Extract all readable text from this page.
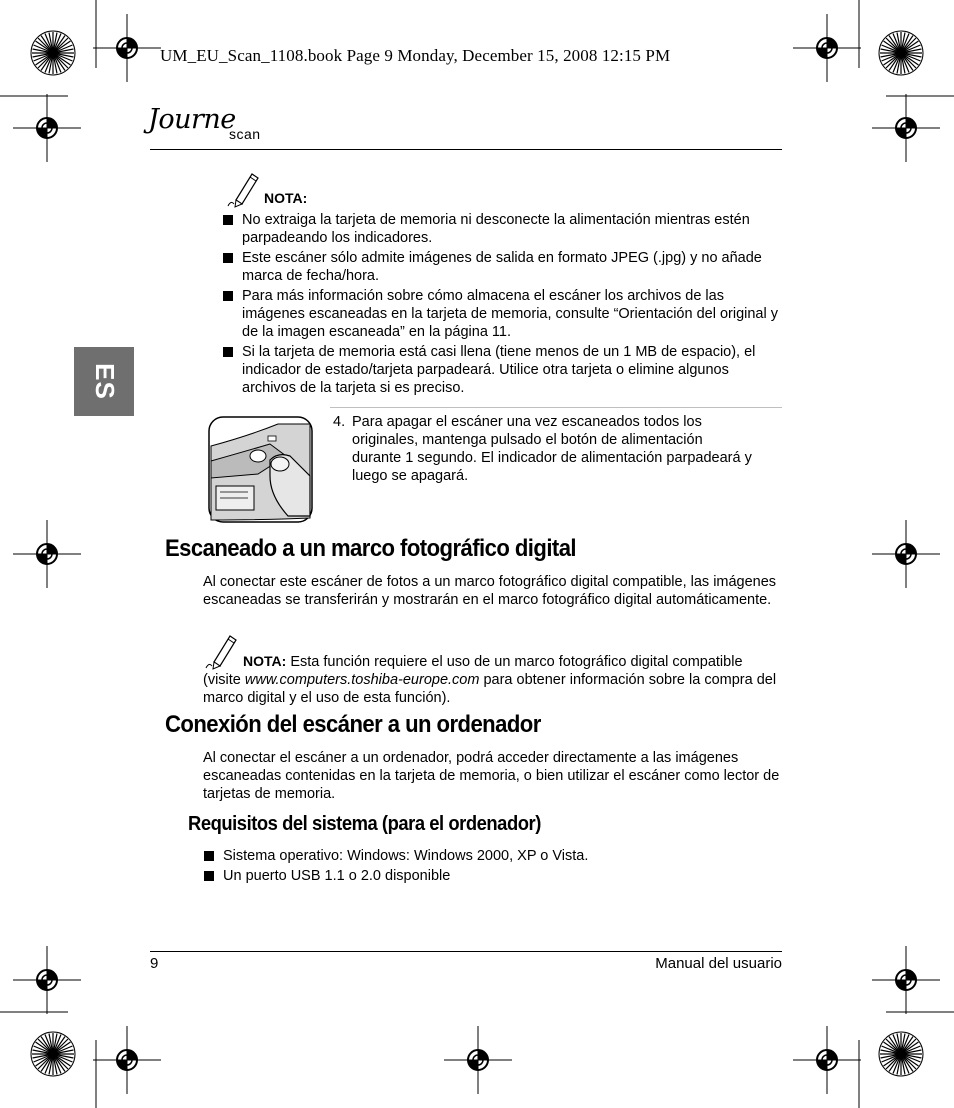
UM_EU_Scan_1108.book Page 9 Monday, December 15, 2008 12:15 PM
Journe
scan
ES
NOTA:
No extraiga la tarjeta de memoria ni desconecte la alimentación mientras estén parpadeando los indicadores.
Este escáner sólo admite imágenes de salida en formato JPEG (.jpg) y no añade marca de fecha/hora.
Para más información sobre cómo almacena el escáner los archivos de las imágenes escaneadas en la tarjeta de memoria, consulte “Orientación del original y de la imagen escaneada” en la página 11.
Si la tarjeta de memoria está casi llena (tiene menos de un 1 MB de espacio), el indicador de estado/tarjeta parpadeará. Utilice otra tarjeta o elimine algunos archivos de la tarjeta si es preciso.
4. Para apagar el escáner una vez escaneados todos los originales, mantenga pulsado el botón de alimentación durante 1 segundo. El indicador de alimentación parpadeará y luego se apagará.
Escaneado a un marco fotográfico digital
Al conectar este escáner de fotos a un marco fotográfico digital compatible, las imágenes escaneadas se transferirán y mostrarán en el marco fotográfico digital automáticamente.
NOTA: Esta función requiere el uso de un marco fotográfico digital compatible (visite www.computers.toshiba-europe.com para obtener información sobre la compra del marco digital y el uso de esta función).
Conexión del escáner a un ordenador
Al conectar el escáner a un ordenador, podrá acceder directamente a las imágenes escaneadas contenidas en la tarjeta de memoria, o bien utilizar el escáner como lector de tarjetas de memoria.
Requisitos del sistema (para el ordenador)
Sistema operativo: Windows: Windows 2000, XP o Vista.
Un puerto USB 1.1 o 2.0 disponible
9	Manual del usuario
